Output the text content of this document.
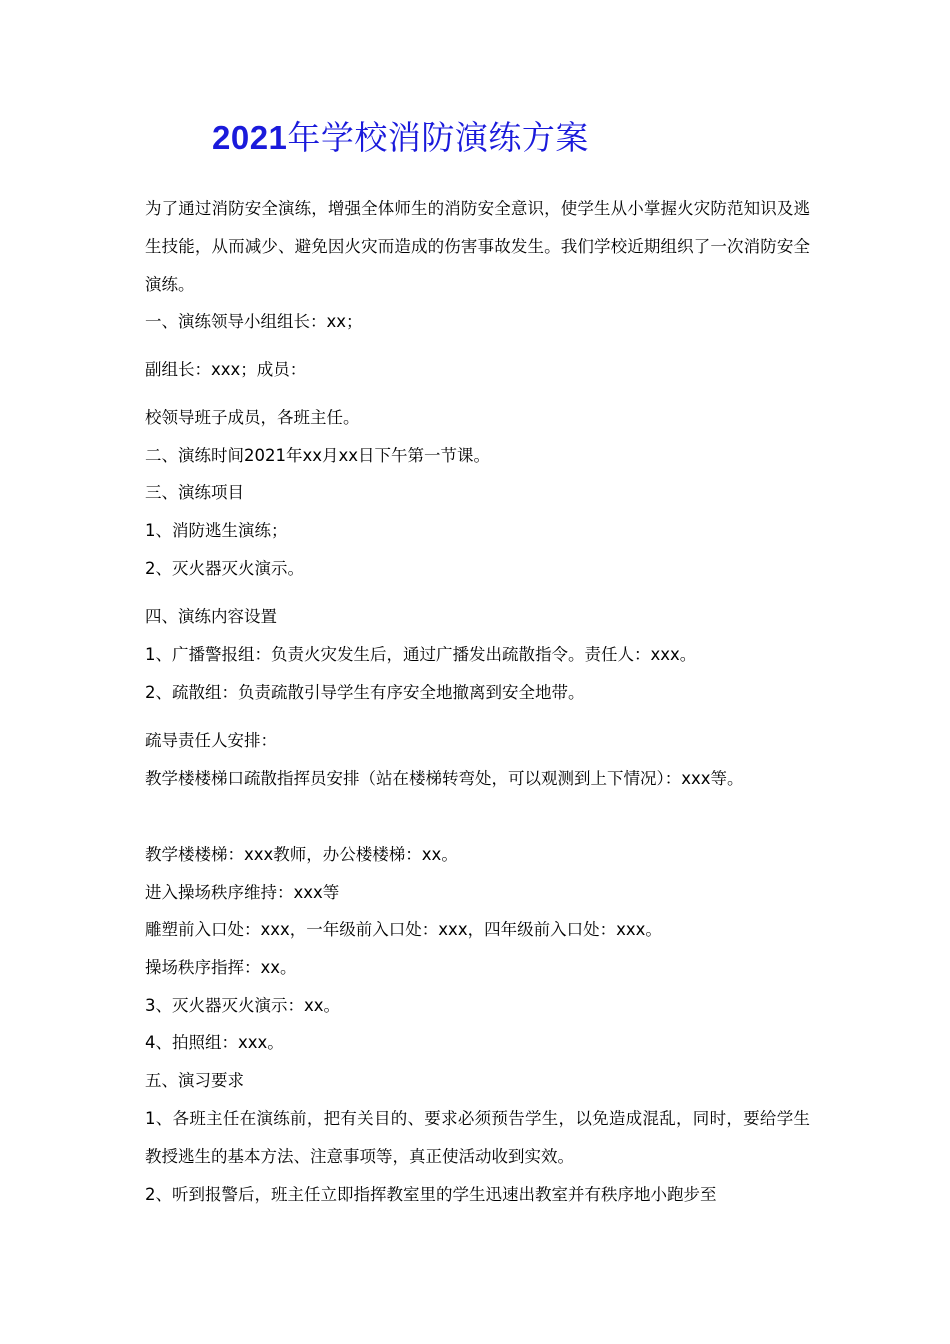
2021年学校消防演练方案

为了通过消防安全演练，增强全体师生的消防安全意识，使学生从小掌握火灾防范知识及逃生技能，从而减少、避免因火灾而造成的伤害事故发生。我们学校近期组织了一次消防安全演练。

一、演练领导小组组长：xx；

副组长：xxx；成员：

校领导班子成员，各班主任。

二、演练时间2021年xx月xx日下午第一节课。

三、演练项目

1、消防逃生演练；

2、灭火器灭火演示。

四、演练内容设置

1、广播警报组：负责火灾发生后，通过广播发出疏散指令。责任人：xxx。

2、疏散组：负责疏散引导学生有序安全地撤离到安全地带。

疏导责任人安排：

教学楼楼梯口疏散指挥员安排（站在楼梯转弯处，可以观测到上下情况）：xxx等。

教学楼楼梯：xxx教师，办公楼楼梯：xx。

进入操场秩序维持：xxx等

雕塑前入口处：xxx，一年级前入口处：xxx，四年级前入口处：xxx。

操场秩序指挥：xx。

3、灭火器灭火演示：xx。

4、拍照组：xxx。

五、演习要求

1、各班主任在演练前，把有关目的、要求必须预告学生，以免造成混乱，同时，要给学生教授逃生的基本方法、注意事项等，真正使活动收到实效。

2、听到报警后，班主任立即指挥教室里的学生迅速出教室并有秩序地小跑步至
